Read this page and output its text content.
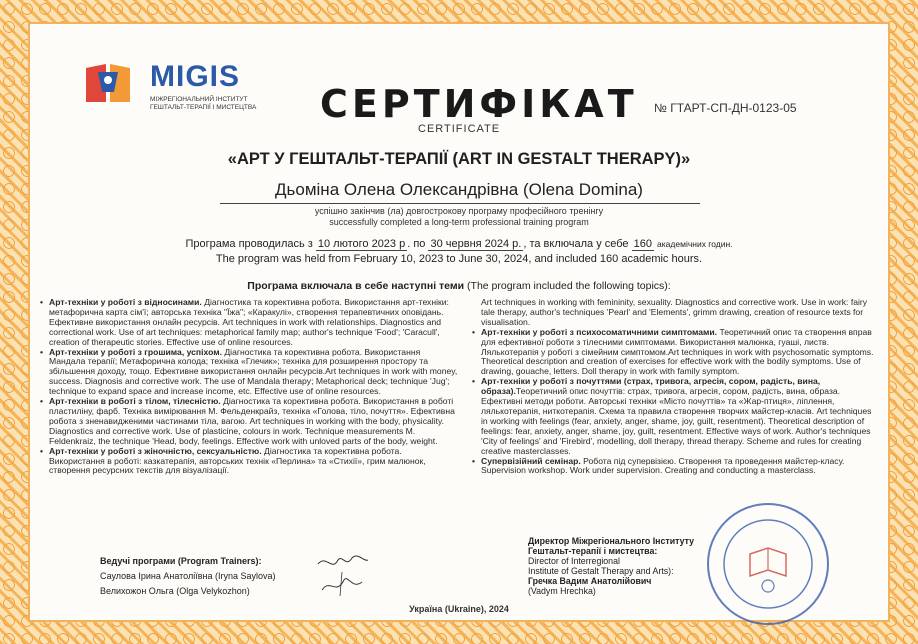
MIGIS
МІЖРЕГІОНАЛЬНИЙ ІНСТИТУТ ГЕШТАЛЬТ-ТЕРАПІЇ І МИСТЕЦТВА СЕРТИФІКАТ
CERTIFICATE
№ ГТАРТ-СП-ДН-0123-05
«АРТ У ГЕШТАЛЬТ-ТЕРАПІЇ (ART IN GESTALT THERAPY)»
Дьоміна Олена Олександрівна (Olena Domina)
успішно закінчив (ла) довгострокову програму професійного тренінгу
successfully completed a long-term professional training program
Програма проводилась з 10 лютого 2023 р . по 30 червня 2024 р. , та включала у себе 160 академічних годин.
The program was held from February 10, 2023 to June 30, 2024, and included 160 academic hours.
Програма включала в себе наступні теми (The program included the following topics):

• Арт-техніки у роботі з відносинами. Діагностика та корективна робота. Використання арт-техніки: метафорична карта сім'ї; авторська техніка "Їжа"; «Каракулі», створення терапевтичних оповідань. Ефективне використання онлайн ресурсів. Art techniques in work with relationships. Diagnostics and correctional work. Use of art techniques: metaphorical family map; author's technique 'Food'; 'Caracull', creation of therapeutic stories. Effective use of online resources.

• Арт-техніки у роботі з грошима, успіхом. Діагностика та корективна робота. Використання Мандала терапії; Метафорична колода; техніка «Глечик»; техніка для розширення простору та збільшення доходу, тощо. Ефективне використання онлайн ресурсів.Art techniques in work with money, success. Diagnosis and corrective work. The use of Mandala therapy; Metaphorical deck; technique 'Jug'; technique to expand space and increase income, etc. Effective use of online resources.

• Арт-техніки в роботі з тілом, тілесністю. Діагностика та корективна робота. Використання в роботі пластиліну, фарб. Техніка вимірювання М. Фельденкрайз, техніка «Голова, тіло, почуття». Ефективна робота з зненавидженими частинами тіла, вагою. Art techniques in working with the body, physicality. Diagnostics and corrective work. Use of plasticine, colours in work. Technique measurements M. Feldenkraiz, the technique 'Head, body, feelings. Effective work with unloved parts of the body, weight.

• Арт-техніки у роботі з жіночністю, сексуальністю. Діагностика та корективна робота. Використання в роботі: казкатерапія, авторських технік «Перлина» та «Стихії», грим малюнок, створення ресурсних текстів для візуалізації.

Art techniques in working with femininity, sexuality. Diagnostics and corrective work. Use in work: fairy tale therapy, author's techniques 'Pearl' and 'Elements', grimm drawing, creation of resource texts for visualisation.

• Арт-техніки у роботі з психосоматичними симптомами. Теоретичний опис та створення вправ для ефективної роботи з тілесними симптомами. Використання малюнка, гуаші, листв. Лялькотерапія у роботі з сімейним симптомом.Art techniques in work with psychosomatic symptoms. Theoretical description and creation of exercises for effective work with the bodily symptoms. Use of drawing, gouache, letters. Doll therapy in work with family symptom.

• Арт-техніки у роботі з почуттями (страх, тривога, агресія, сором, радість, вина, образа).Теоретичний опис почуттів: страх, тривога, агресія, сором, радість, вина, образа. Ефективні методи роботи. Авторські техніки «Місто почуттів» та «Жар-птиця», ліплення, лялькотерапія, ниткотерапія. Схема та правила створення творчих майстер-класів. Art techniques in working with feelings (fear, anxiety, anger, shame, joy, guilt, resentment). Theoretical description of feelings: fear, anxiety, anger, shame, joy, guilt, resentment. Effective ways of work. Author's techniques 'City of feelings' and 'Firebird', modelling, doll therapy, thread therapy. Scheme and rules for creating creative masterclasses.

• Супервізійний семінар. Робота під супервізією. Створення та проведення майстер-класу. Supervision workshop. Work under supervision. Creating and conducting a masterclass.

Ведучі програми (Program Trainers):
Саулова Ірина Анатоліївна (Iryna Saylova)
Велихожон Ольга (Olga Velykozhon)
Директор Міжрегіонального Інституту
Гештальт-терапії і мистецтва:
Director of Interregional
Institute of Gestalt Therapy and Arts):
Гречка Вадим Анатолійович
(Vadym Hrechka)
Україна (Ukraine), 2024
